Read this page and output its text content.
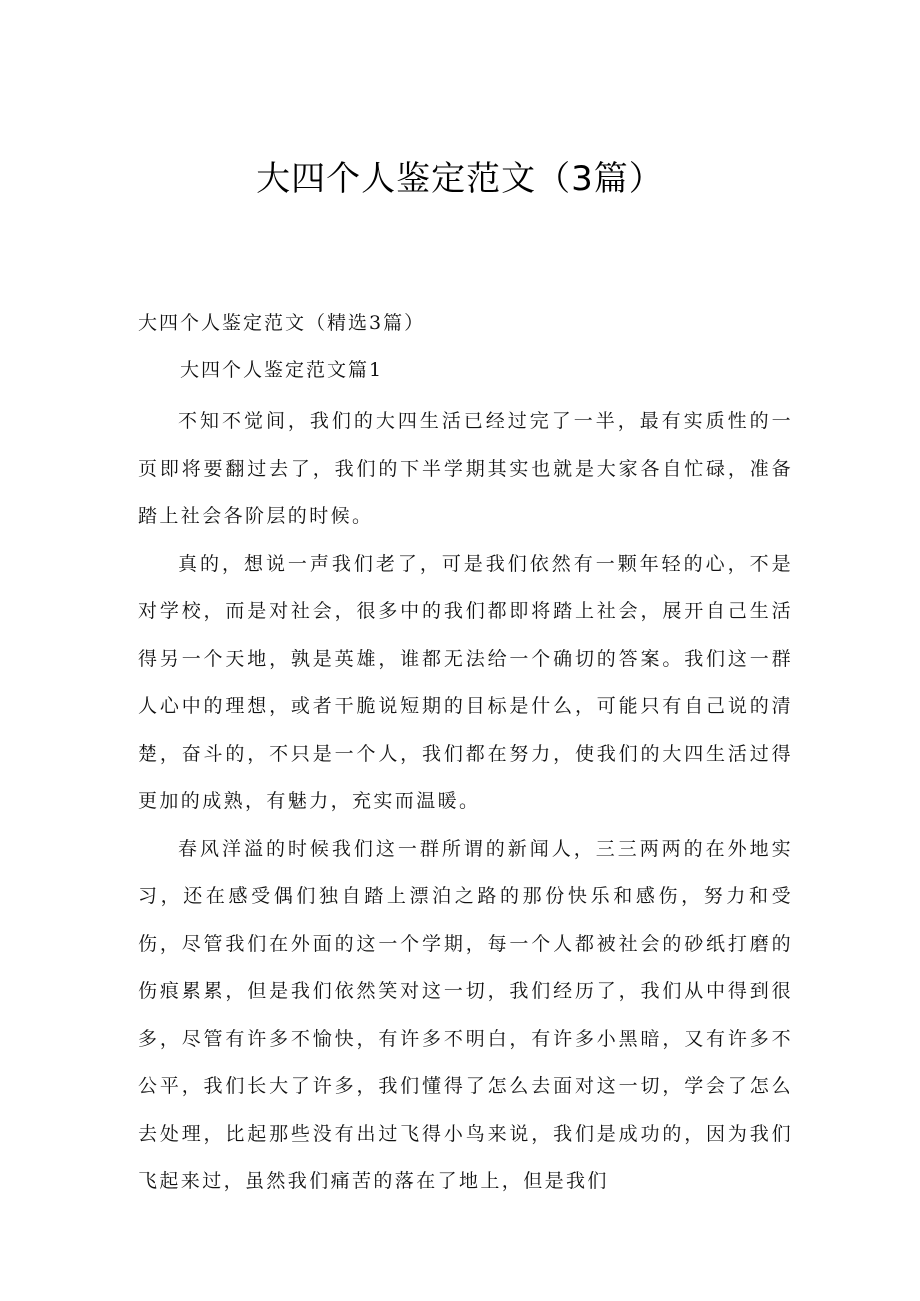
大四个人鉴定范文（3篇）
大四个人鉴定范文（精选3篇）
大四个人鉴定范文篇1

不知不觉间，我们的大四生活已经过完了一半，最有实质性的一页即将要翻过去了，我们的下半学期其实也就是大家各自忙碌，准备踏上社会各阶层的时候。

真的，想说一声我们老了，可是我们依然有一颗年轻的心，不是对学校，而是对社会，很多中的我们都即将踏上社会，展开自己生活得另一个天地，孰是英雄，谁都无法给一个确切的答案。我们这一群人心中的理想，或者干脆说短期的目标是什么，可能只有自己说的清楚，奋斗的，不只是一个人，我们都在努力，使我们的大四生活过得更加的成熟，有魅力，充实而温暖。

春风洋溢的时候我们这一群所谓的新闻人，三三两两的在外地实习，还在感受偶们独自踏上漂泊之路的那份快乐和感伤，努力和受伤，尽管我们在外面的这一个学期，每一个人都被社会的砂纸打磨的伤痕累累，但是我们依然笑对这一切，我们经历了，我们从中得到很多，尽管有许多不愉快，有许多不明白，有许多小黑暗，又有许多不公平，我们长大了许多，我们懂得了怎么去面对这一切，学会了怎么去处理，比起那些没有出过飞得小鸟来说，我们是成功的，因为我们飞起来过，虽然我们痛苦的落在了地上，但是我们
